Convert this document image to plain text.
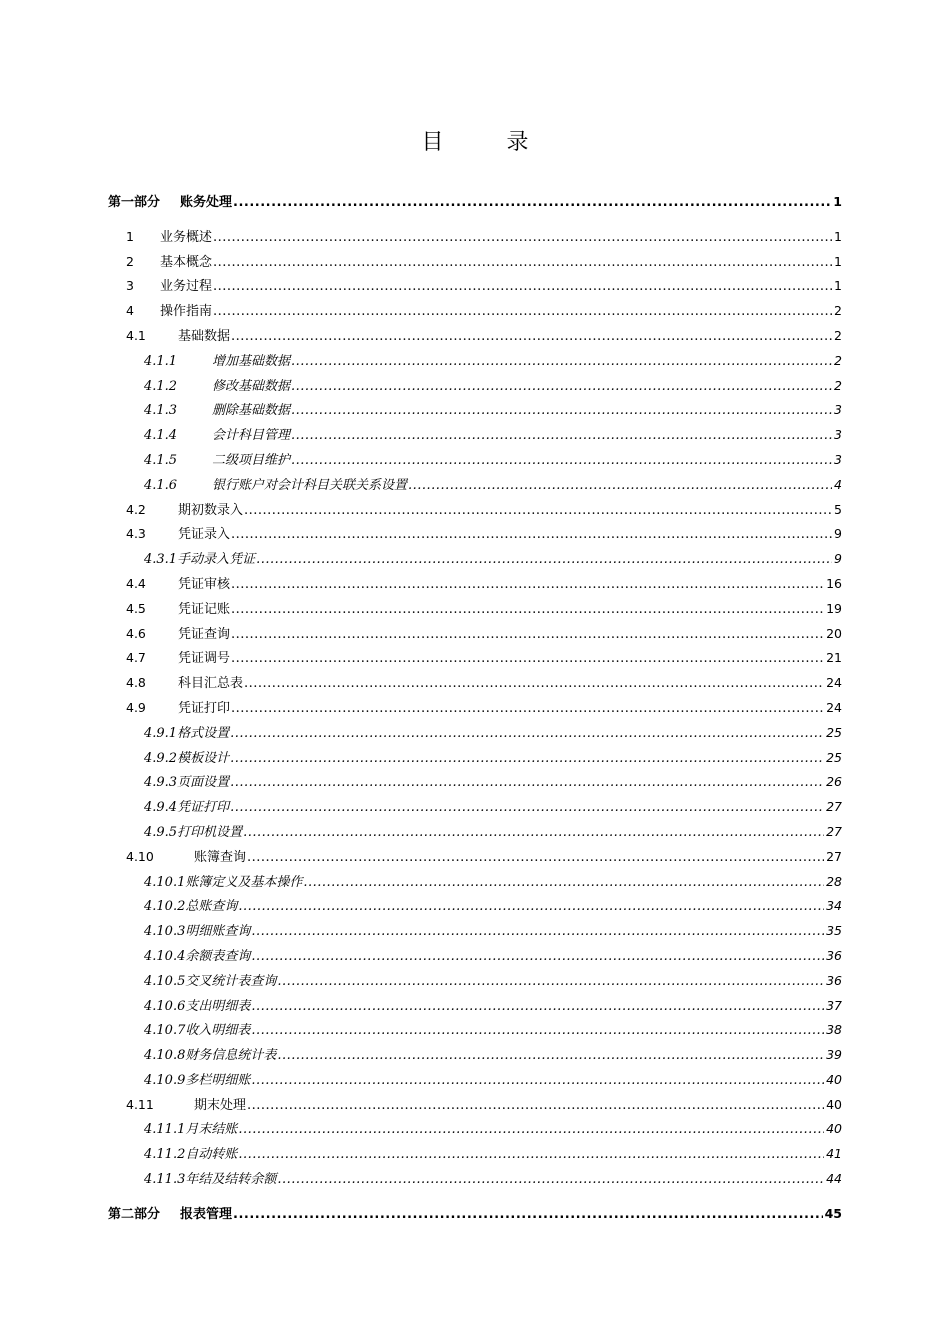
目 录
第一部分	账务处理 .....	1
1	业务概述 .....	1
2	基本概念 .....	1
3	业务过程 .....	1
4	操作指南 .....	2
4.1	基础数据 .....	2
4.1.1	增加基础数据 .....	2
4.1.2	修改基础数据 .....	2
4.1.3	删除基础数据 .....	3
4.1.4	会计科目管理 .....	3
4.1.5	二级项目维护 .....	3
4.1.6	银行账户对会计科目关联关系设置 .....	4
4.2	期初数录入 .....	5
4.3	凭证录入 .....	9
4.3.1 手动录入凭证 .....	9
4.4	凭证审核 .....	16
4.5	凭证记账 .....	19
4.6	凭证查询 .....	20
4.7	凭证调号 .....	21
4.8	科目汇总表 .....	24
4.9	凭证打印 .....	24
4.9.1 格式设置 .....	25
4.9.2 模板设计 .....	25
4.9.3 页面设置 .....	26
4.9.4 凭证打印 .....	27
4.9.5 打印机设置 .....	27
4.10	账簿查询 .....	27
4.10.1 账簿定义及基本操作 .....	28
4.10.2 总账查询 .....	34
4.10.3 明细账查询 .....	35
4.10.4 余额表查询 .....	36
4.10.5 交叉统计表查询 .....	36
4.10.6 支出明细表 .....	37
4.10.7 收入明细表 .....	38
4.10.8 财务信息统计表 .....	39
4.10.9 多栏明细账 .....	40
4.11	期末处理 .....	40
4.11.1 月末结账 .....	40
4.11.2 自动转账 .....	41
4.11.3 年结及结转余额 .....	44
第二部分	报表管理 .....	45
